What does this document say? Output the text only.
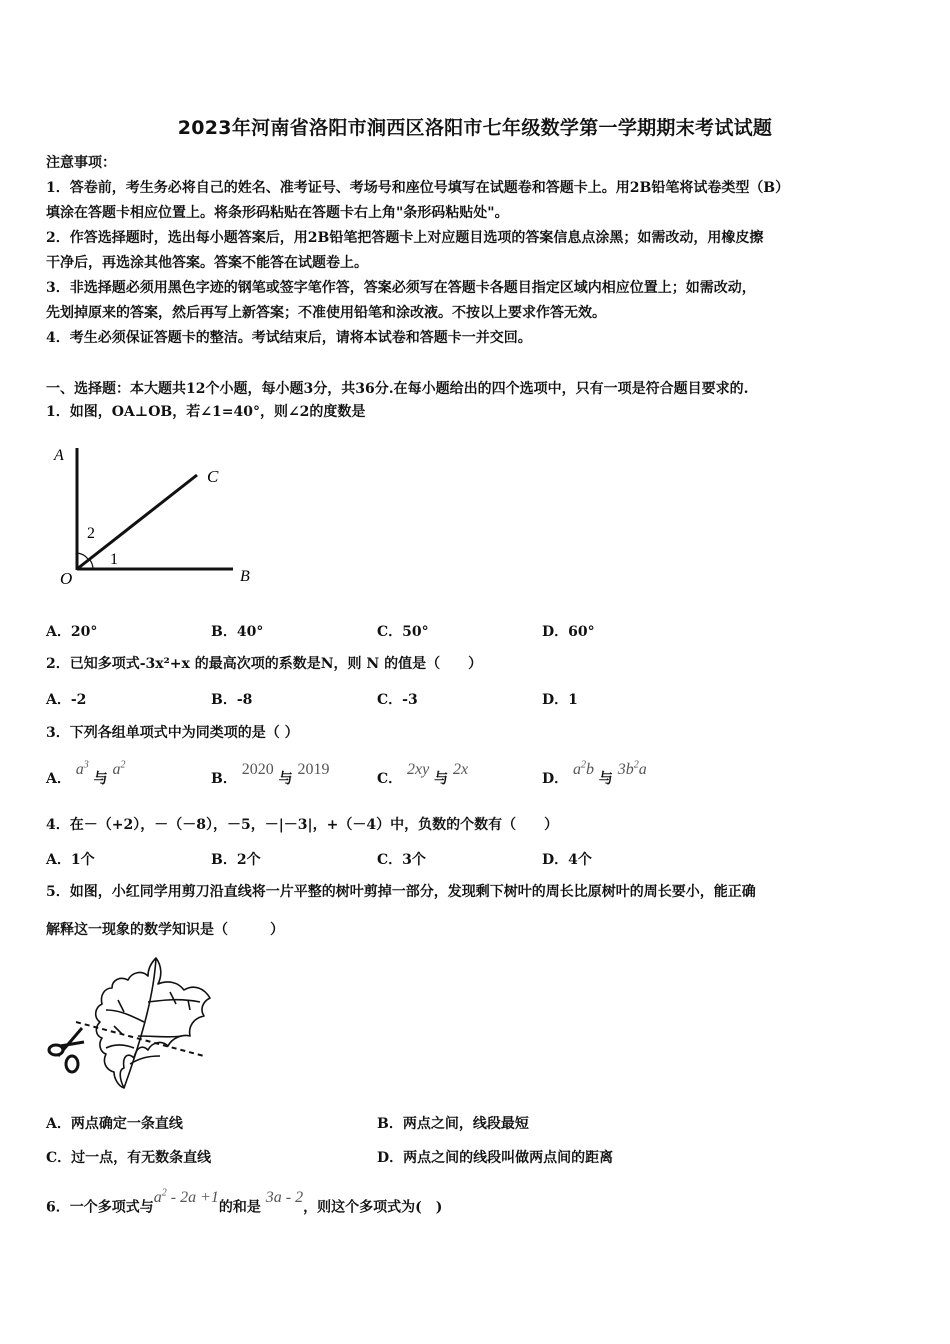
2023年河南省洛阳市涧西区洛阳市七年级数学第一学期期末考试试题
注意事项：
1．答卷前，考生务必将自己的姓名、准考证号、考场号和座位号填写在试题卷和答题卡上。用2B铅笔将试卷类型（B）
填涂在答题卡相应位置上。将条形码粘贴在答题卡右上角"条形码粘贴处"。
2．作答选择题时，选出每小题答案后，用2B铅笔把答题卡上对应题目选项的答案信息点涂黑；如需改动，用橡皮擦
干净后，再选涂其他答案。答案不能答在试题卷上。
3．非选择题必须用黑色字迹的钢笔或签字笔作答，答案必须写在答题卡各题目指定区域内相应位置上；如需改动，
先划掉原来的答案，然后再写上新答案；不准使用铅笔和涂改液。不按以上要求作答无效。
4．考生必须保证答题卡的整洁。考试结束后，请将本试卷和答题卡一并交回。
一、选择题：本大题共12个小题，每小题3分，共36分.在每小题给出的四个选项中，只有一项是符合题目要求的.
1．如图，OA⊥OB，若∠1=40°，则∠2的度数是
A
C
B
O
2
1
A．20°	B．40°	C．50°	D．60°
2．已知多项式-3x²+x 的最高次项的系数是N，则 N 的值是（　　）
A．-2	B．-8	C．-3	D．1
3．下列各组单项式中为同类项的是（ ）
A． $a^3$ 与 $a^2$
B． 2020 与 2019
C． 2xy 与 2x
D． $a^2b$ 与 $3b^2a$
4．在－（+2），－（－8），－5，－|－3|，+（－4）中，负数的个数有（　　）
A．1个	B．2个	C．3个	D．4个
5．如图，小红同学用剪刀沿直线将一片平整的树叶剪掉一部分，发现剩下树叶的周长比原树叶的周长要小，能正确
解释这一现象的数学知识是（　　　）
A．两点确定一条直线	B．两点之间，线段最短
C．过一点，有无数条直线	D．两点之间的线段叫做两点间的距离
6．一个多项式与$a^2 - 2a +1$的和是 3a - 2，则这个多项式为(　)
